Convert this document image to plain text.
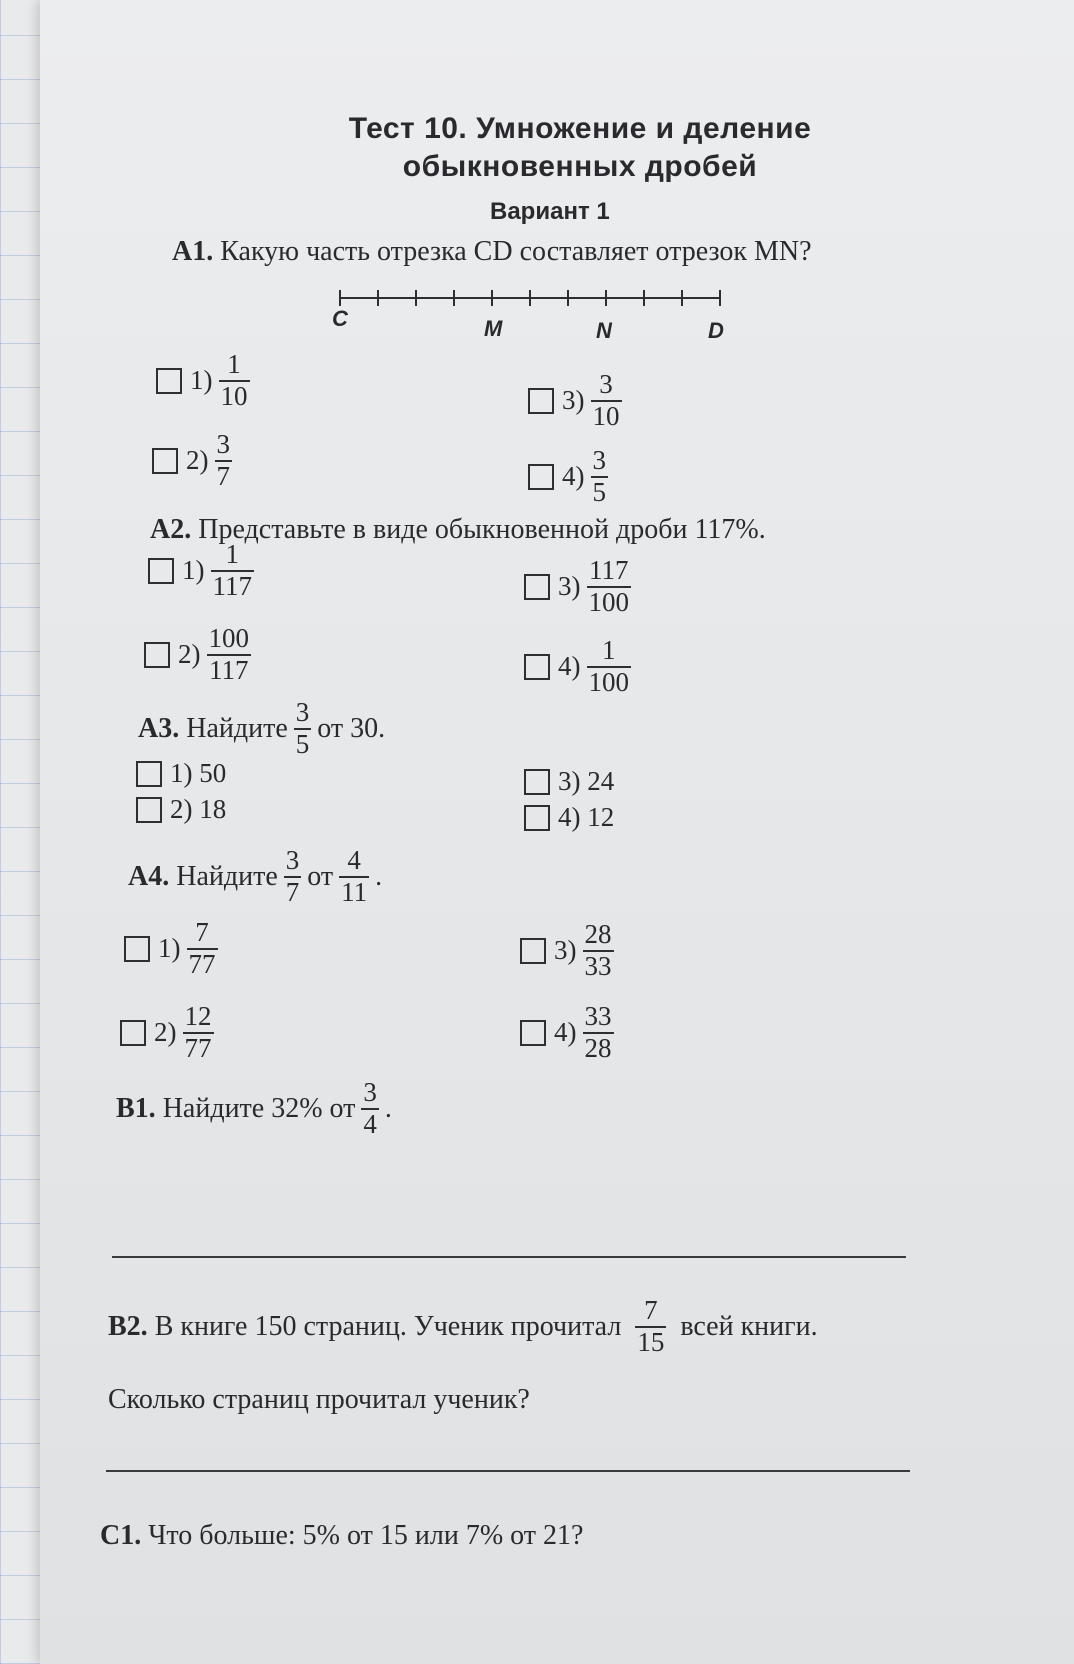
Тест 10. Умножение и деление
обыкновенных дробей
Вариант 1
A1. Какую часть отрезка CD составляет отрезок MN?
C	M	N	D
$1) \frac{1}{10}$
$2) \frac{3}{7}$
$3) \frac{3}{10}$
$4) \frac{3}{5}$
A2. Представьте в виде обыкновенной дроби 117%.
$1) \frac{1}{117}$
$2) \frac{100}{117}$
$3) \frac{117}{100}$
$4) \frac{1}{100}$
A3.
Найдите $\frac{3}{5}$ от 30.
1) 50
2) 18
3) 24
4) 12
A4.
Найдите $\frac{3}{7}$ от $\frac{4}{11}$ .
$1) \frac{7}{77}$
$2) \frac{12}{77}$
$3) \frac{28}{33}$
$4) \frac{33}{28}$
B1.
Найдите 32% от $\frac{3}{4}$ .
B2.
В книге 150 страниц. Ученик прочитал $\frac{7}{15}$ всей книги.
Сколько страниц прочитал ученик?
C1. Что больше: 5% от 15 или 7% от 21?
